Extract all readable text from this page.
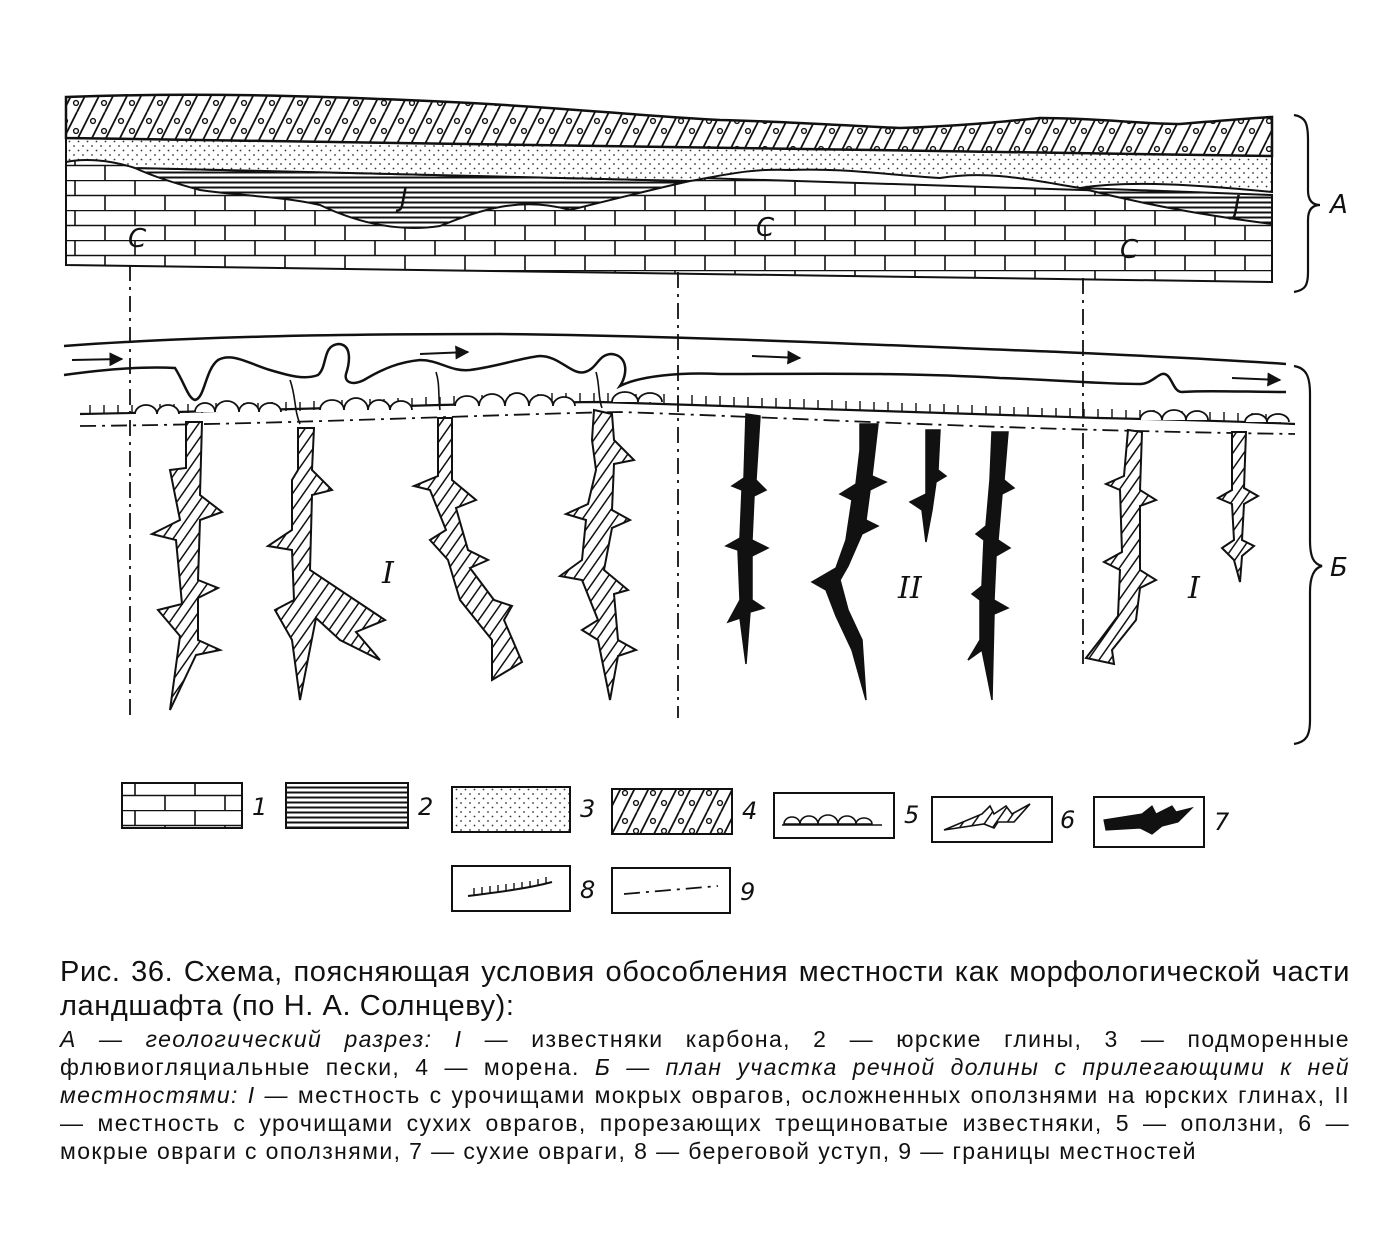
C	C
C
J	J	А
I	II	I
Б
1	2	3	4	5	6	7
8	9
Рис. 36. Схема, поясняющая условия обособления местности как морфологической части ландшафта (по Н. А. Солнцеву):
А — геологический разрез: I — известняки карбона, 2 — юрские глины, 3 — подморенные флювиогляциальные пески, 4 — морена. Б — план участка речной долины с прилегающими к ней местностями: I — местность с урочищами мокрых оврагов, осложненных оползнями на юрских глинах, II — местность с урочищами сухих оврагов, прорезающих трещиноватые известняки, 5 — оползни, 6 — мокрые овраги с оползнями, 7 — сухие овраги, 8 — береговой уступ, 9 — границы местностей
